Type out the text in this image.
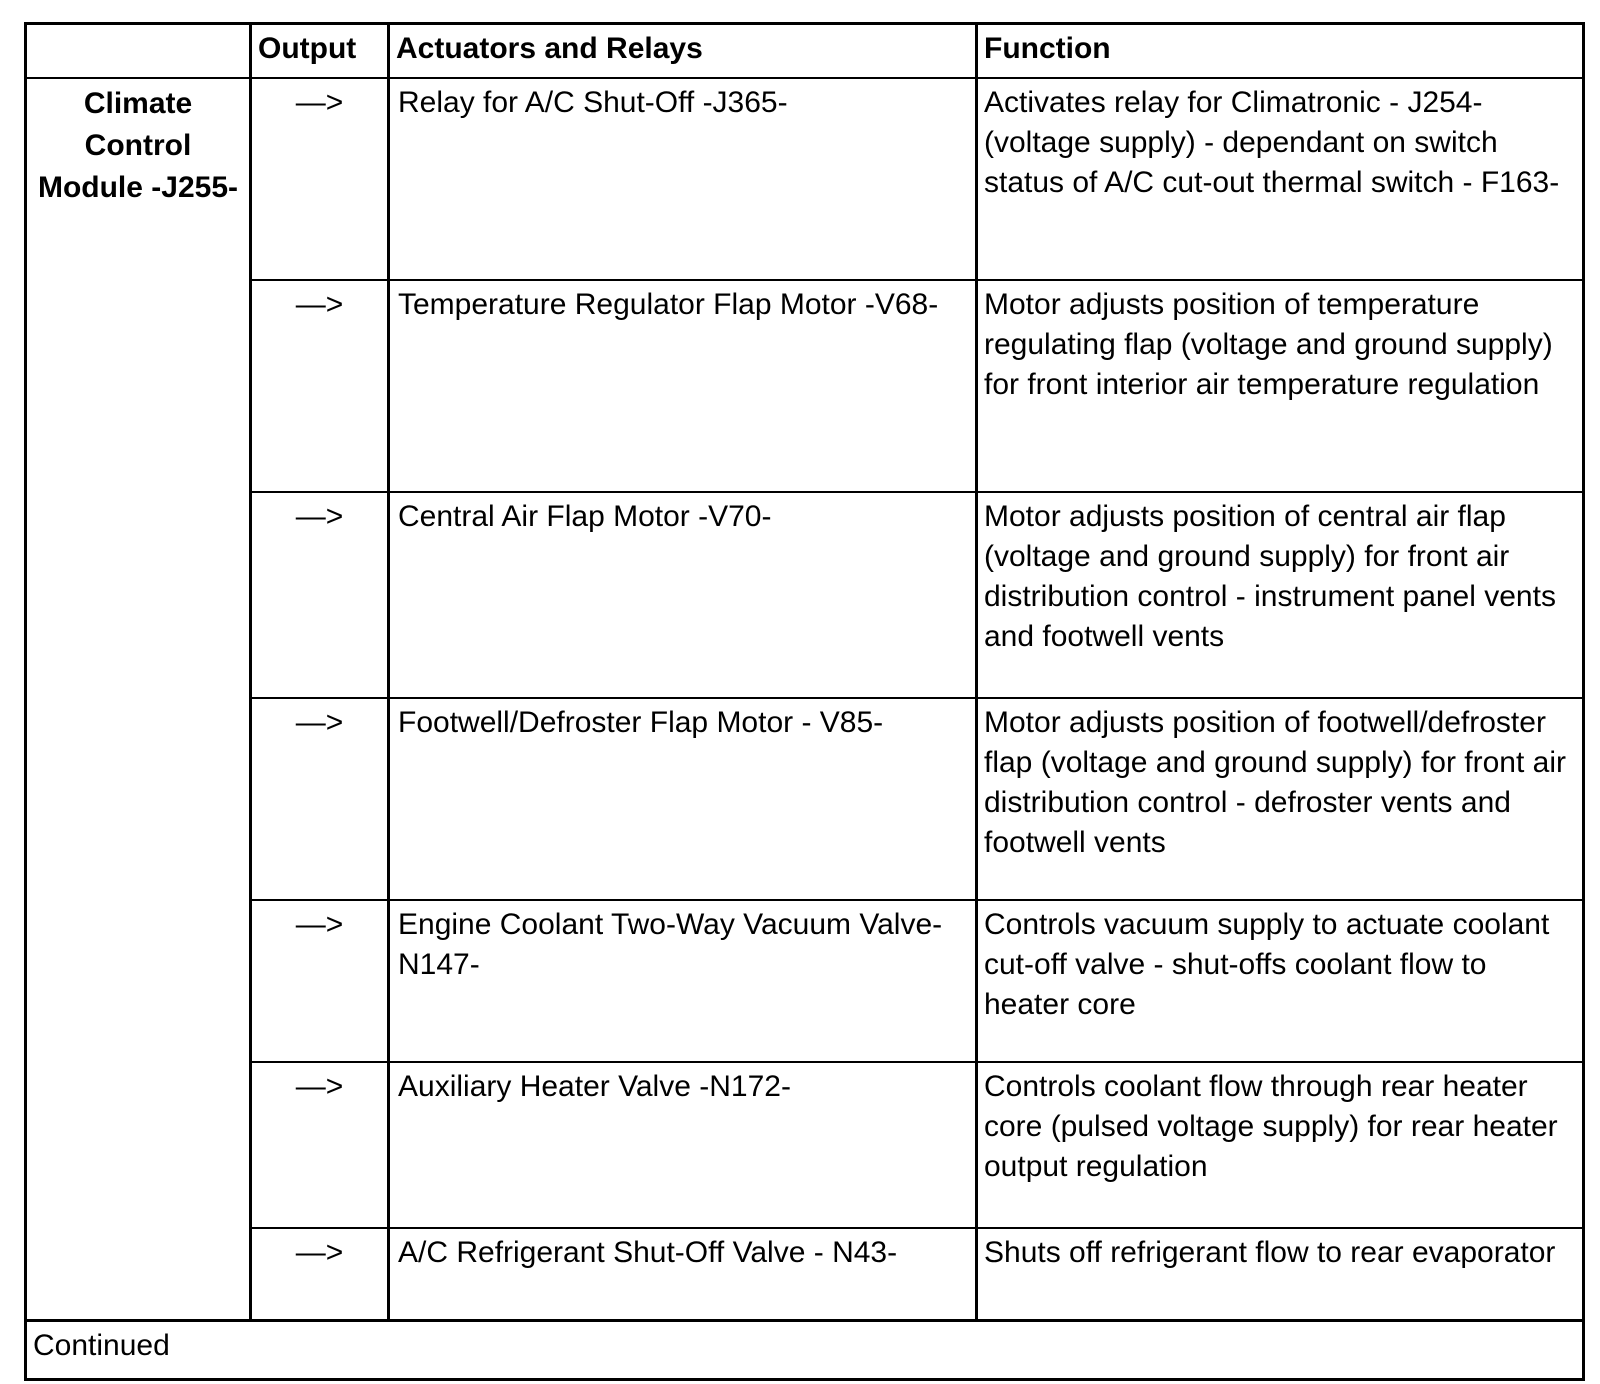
	Output	Actuators and Relays	Function

Climate
Control
Module -J255-	—>	Relay for A/C Shut-Off -J365-	Activates relay for Climatronic - J254- (voltage supply) - dependant on switch status of A/C cut-out thermal switch - F163-
	—>	Temperature Regulator Flap Motor -V68-	Motor adjusts position of temperature regulating flap (voltage and ground supply) for front interior air temperature regulation
	—>	Central Air Flap Motor -V70-	Motor adjusts position of central air flap (voltage and ground supply) for front air distribution control - instrument panel vents and footwell vents
	—>	Footwell/Defroster Flap Motor - V85-	Motor adjusts position of footwell/defroster flap (voltage and ground supply) for front air distribution control - defroster vents and footwell vents
	—>	Engine Coolant Two-Way Vacuum Valve-N147-	Controls vacuum supply to actuate coolant cut-off valve - shut-offs coolant flow to heater core
	—>	Auxiliary Heater Valve -N172-	Controls coolant flow through rear heater core (pulsed voltage supply) for rear heater output regulation
	—>	A/C Refrigerant Shut-Off Valve - N43-	Shuts off refrigerant flow to rear evaporator
Continued			
